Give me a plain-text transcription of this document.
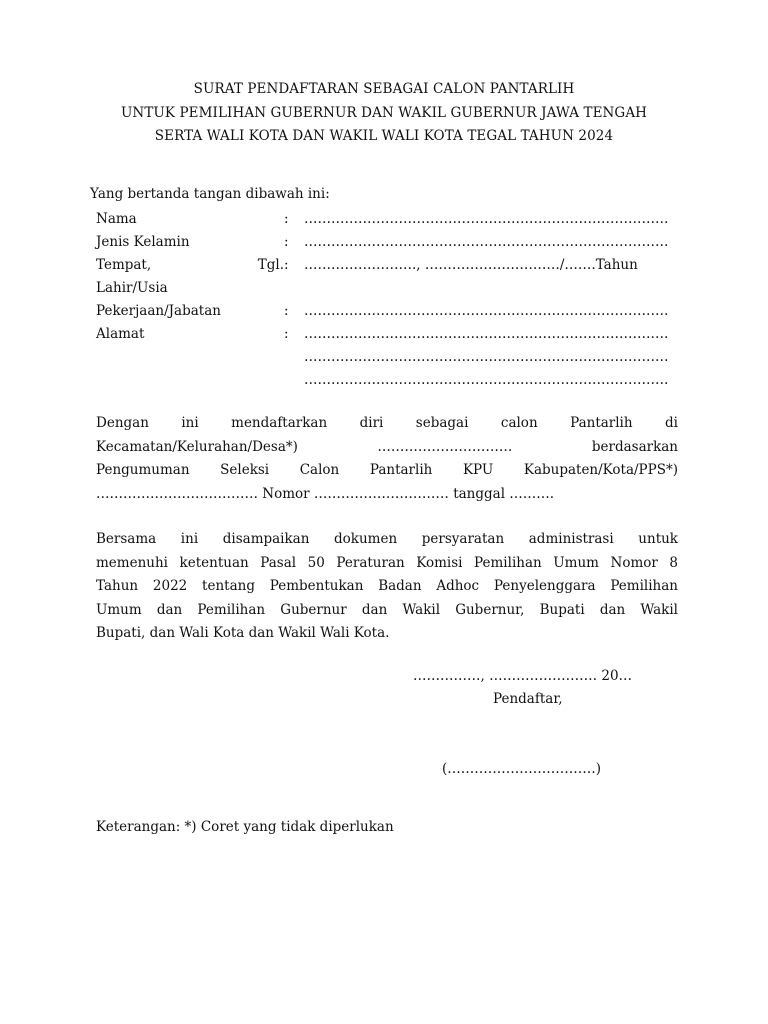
SURAT PENDAFTARAN SEBAGAI CALON PANTARLIH
UNTUK PEMILIHAN GUBERNUR DAN WAKIL GUBERNUR JAWA TENGAH
SERTA WALI KOTA DAN WAKIL WALI KOTA TEGAL TAHUN 2024
Yang bertanda tangan dibawah ini:
Nama	:	………………………………………………………………………
Jenis Kelamin	:	………………………………………………………………………

Tempat, Tgl.	:	……………………., …………………………/…….Tahun
Lahir/Usia		
Pekerjaan/Jabatan	:	………………………………………………………………………
Alamat	:	………………………………………………………………………
		………………………………………………………………………
		………………………………………………………………………
Dengan ini mendaftarkan diri sebagai calon Pantarlih di
Kecamatan/Kelurahan/Desa*) ………………………… berdasarkan
Pengumuman Seleksi Calon Pantarlih KPU Kabupaten/Kota/PPS*)
……………………………… Nomor ………………………… tanggal ……….
Bersama ini disampaikan dokumen persyaratan administrasi untuk
memenuhi ketentuan Pasal 50 Peraturan Komisi Pemilihan Umum Nomor 8
Tahun 2022 tentang Pembentukan Badan Adhoc Penyelenggara Pemilihan
Umum dan Pemilihan Gubernur dan Wakil Gubernur, Bupati dan Wakil
Bupati, dan Wali Kota dan Wakil Wali Kota.
……………, …………………… 20…
Pendaftar,
(……………………………)
Keterangan: *) Coret yang tidak diperlukan
